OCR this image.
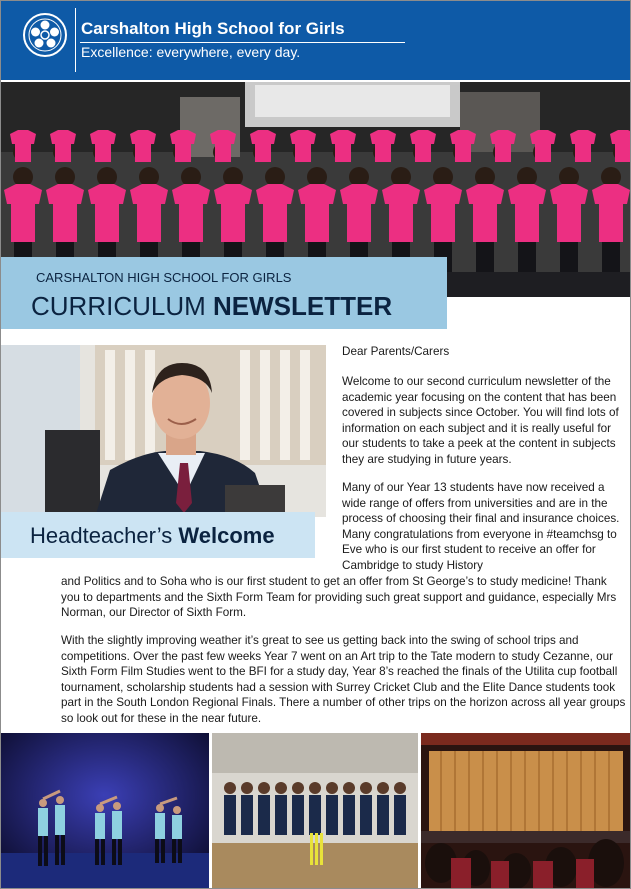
Carshalton High School for Girls
Excellence: everywhere, every day.
CARSHALTON HIGH SCHOOL FOR GIRLS
CURRICULUM NEWSLETTER
Headteacher’s Welcome
Dear Parents/Carers
Welcome to our second curriculum newsletter of the academic year focusing on the content that has been covered in subjects since October. You will find lots of information on each subject and it is really useful for our students to take a peek at the content in subjects they are studying in future years.
Many of our Year 13 students have now received a wide range of offers from universities and are in the process of choosing their final and insurance choices. Many congratulations from everyone in #teamchsg to Eve who is our first student to receive an offer for Cambridge to study History
and Politics and to Soha who is our first student to get an offer from St George’s to study medicine! Thank you to departments and the Sixth Form Team for providing such great support and guidance, especially Mrs Norman, our Director of Sixth Form.
With the slightly improving weather it’s great to see us getting back into the swing of school trips and competitions. Over the past few weeks Year 7 went on an Art trip to the Tate modern to study Cezanne, our Sixth Form Film Studies went to the BFI for a study day, Year 8’s reached the finals of the Utilita cup football tournament, scholarship students had a session with Surrey Cricket Club and the Elite Dance students took part in the South London Regional Finals. There a number of other trips on the horizon across all year groups so look out for these in the near future.
